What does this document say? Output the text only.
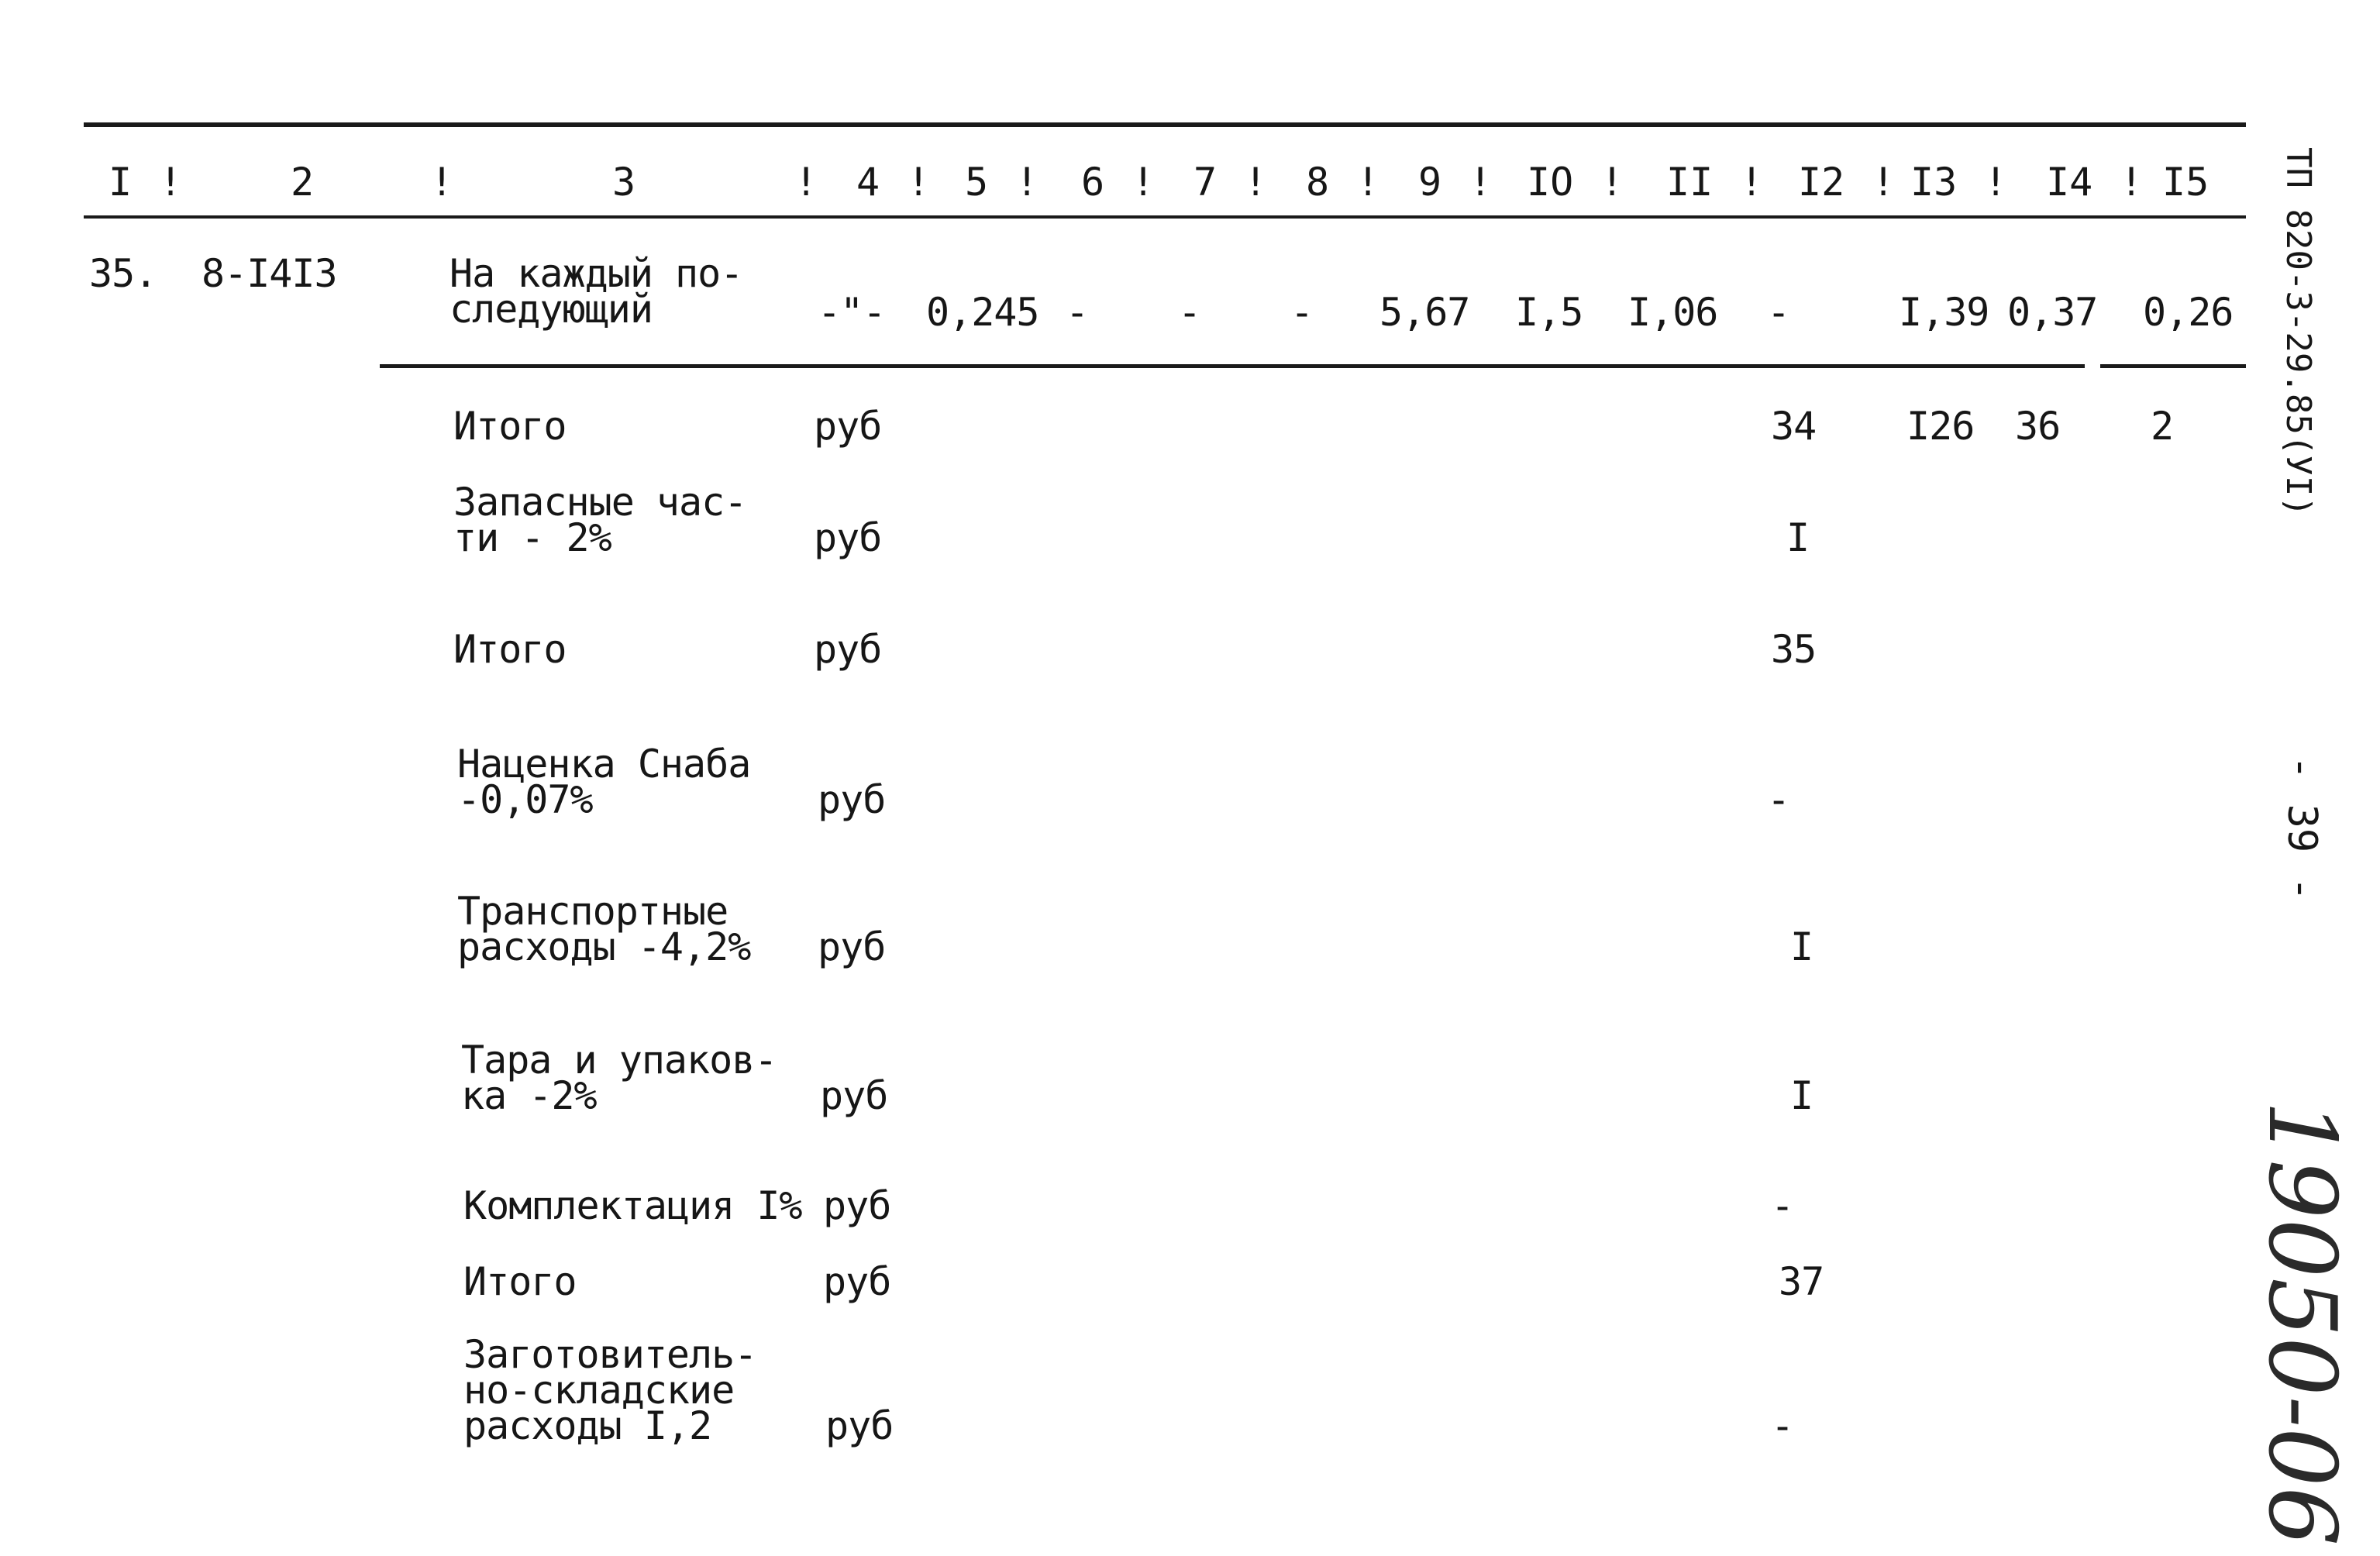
I !	2	!	3	! 4 ! 5 ! 6 ! 7 ! 8 ! 9 ! IO ! II ! I2 ! I3 ! I4 ! I5
35. 8-I4I3	На каждый по-
следующий	-"- 0,245 - - - 5,67 I,5 I,06 -	I,39 0,37 0,26
Итого	руб	34 I26 36 2
Запасные час-
ти - 2%	руб	I
Итого	руб	35
Наценка Снаба
-0,07%	руб	-
Транспортные
расходы -4,2% руб	I
Тара и упаков-
ка -2%	руб	I
Комплектация I% руб	-
Итого	руб	37
Заготовитель-
но-складские
расходы I,2	руб	-
ТП 820-3-29.85(УI)
- 39 -
19050-06
